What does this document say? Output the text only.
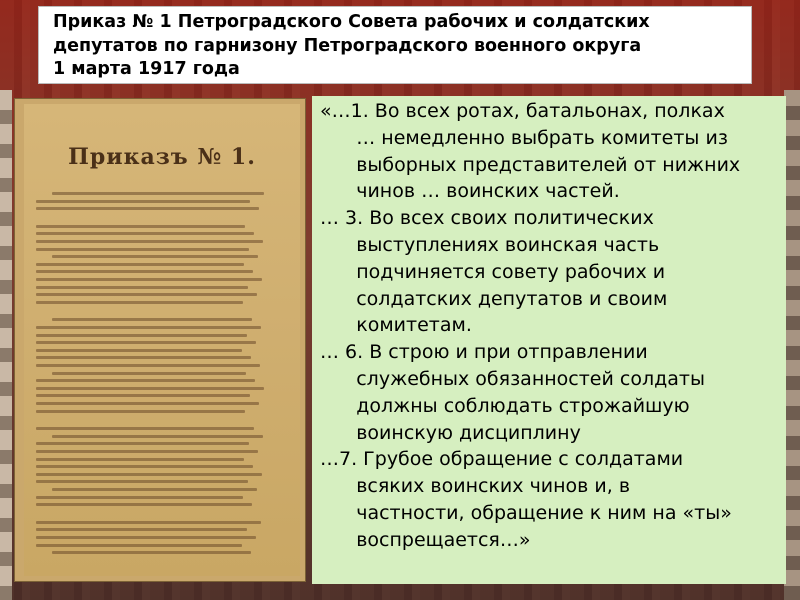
Приказ № 1 Петроградского Совета рабочих и солдатских
депутатов по гарнизону Петроградского военного округа
1 марта 1917 года
Приказъ № 1.
«…1. Во всех ротах, батальонах, полках
… немедленно выбрать комитеты из
выборных представителей от нижних
чинов … воинских частей.
… 3. Во всех своих политических
выступлениях воинская часть
подчиняется совету рабочих и
солдатских депутатов и своим
комитетам.
… 6. В строю и при отправлении
служебных обязанностей солдаты
должны соблюдать строжайшую
воинскую дисциплину
…7. Грубое обращение с солдатами
всяких воинских чинов и, в
частности, обращение к ним на «ты»
воспрещается…»
